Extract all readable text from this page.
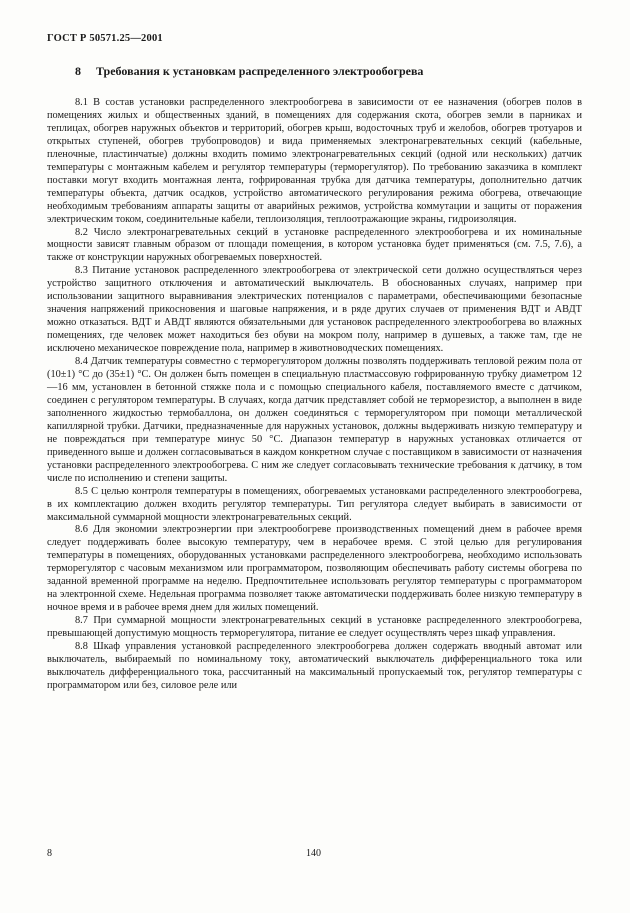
ГОСТ Р 50571.25—2001
8 Требования к установкам распределенного электрообогрева

8.1 В состав установки распределенного электрообогрева в зависимости от ее назначения (обогрев полов в помещениях жилых и общественных зданий, в помещениях для содержания скота, обогрев земли в парниках и теплицах, обогрев наружных объектов и территорий, обогрев крыш, водосточных труб и желобов, обогрев тротуаров и открытых ступеней, обогрев трубопроводов) и вида применяемых электронагревательных секций (кабельные, пленочные, пластинчатые) должны входить помимо электронагревательных секций (одной или нескольких) датчик температуры с монтажным кабелем и регулятор температуры (терморегулятор). По требованию заказчика в комплект поставки могут входить монтажная лента, гофрированная трубка для датчика температуры, дополнительно датчик температуры объекта, датчик осадков, устройство автоматического регулирования режима обогрева, отвечающие необходимым требованиям аппараты защиты от аварийных режимов, устройства коммутации и защиты от поражения электрическим током, соединительные кабели, теплоизоляция, теплоотражающие экраны, гидроизоляция.

8.2 Число электронагревательных секций в установке распределенного электрообогрева и их номинальные мощности зависят главным образом от площади помещения, в котором установка будет применяться (см. 7.5, 7.6), а также от конструкции наружных обогреваемых поверхностей.

8.3 Питание установок распределенного электрообогрева от электрической сети должно осуществляться через устройство защитного отключения и автоматический выключатель. В обоснованных случаях, например при использовании защитного выравнивания электрических потенциалов с параметрами, обеспечивающими безопасные значения напряжений прикосновения и шаговые напряжения, и в ряде других случаев от применения ВДТ и АВДТ можно отказаться. ВДТ и АВДТ являются обязательными для установок распределенного электрообогрева во влажных помещениях, где человек может находиться без обуви на мокром полу, например в душевых, а также там, где не исключено механическое повреждение пола, например в животноводческих помещениях.

8.4 Датчик температуры совместно с терморегулятором должны позволять поддерживать тепловой режим пола от (10±1) °С до (35±1) °С. Он должен быть помещен в специальную пластмассовую гофрированную трубку диаметром 12—16 мм, установлен в бетонной стяжке пола и с помощью специального кабеля, поставляемого вместе с датчиком, соединен с регулятором температуры. В случаях, когда датчик представляет собой не терморезистор, а выполнен в виде заполненного жидкостью термобаллона, он должен соединяться с терморегулятором при помощи металлической капиллярной трубки. Датчики, предназначенные для наружных установок, должны выдерживать низкую температуру и не повреждаться при температуре минус 50 °С. Диапазон температур в наружных установках отличается от приведенного выше и должен согласовываться в каждом конкретном случае с поставщиком в зависимости от назначения установки распределенного электрообогрева. С ним же следует согласовывать технические требования к датчику, в том числе по исполнению и степени защиты.

8.5 С целью контроля температуры в помещениях, обогреваемых установками распределенного электрообогрева, в их комплектацию должен входить регулятор температуры. Тип регулятора следует выбирать в зависимости от максимальной суммарной мощности электронагревательных секций.

8.6 Для экономии электроэнергии при электрообогреве производственных помещений днем в рабочее время следует поддерживать более высокую температуру, чем в нерабочее время. С этой целью для регулирования температуры в помещениях, оборудованных установками распределенного электрообогрева, необходимо использовать терморегулятор с часовым механизмом или программатором, позволяющим обеспечивать работу системы обогрева по заданной временной программе на неделю. Предпочтительнее использовать регулятор температуры с программатором на электронной схеме. Недельная программа позволяет также автоматически поддерживать более низкую температуру в ночное время и в рабочее время днем для жилых помещений.

8.7 При суммарной мощности электронагревательных секций в установке распределенного электрообогрева, превышающей допустимую мощность терморегулятора, питание ее следует осуществлять через шкаф управления.

8.8 Шкаф управления установкой распределенного электрообогрева должен содержать вводный автомат или выключатель, выбираемый по номинальному току, автоматический выключатель дифференциального тока или выключатель дифференциального тока, рассчитанный на максимальный пропускаемый ток, регулятор температуры с программатором или без, силовое реле или

8	140
